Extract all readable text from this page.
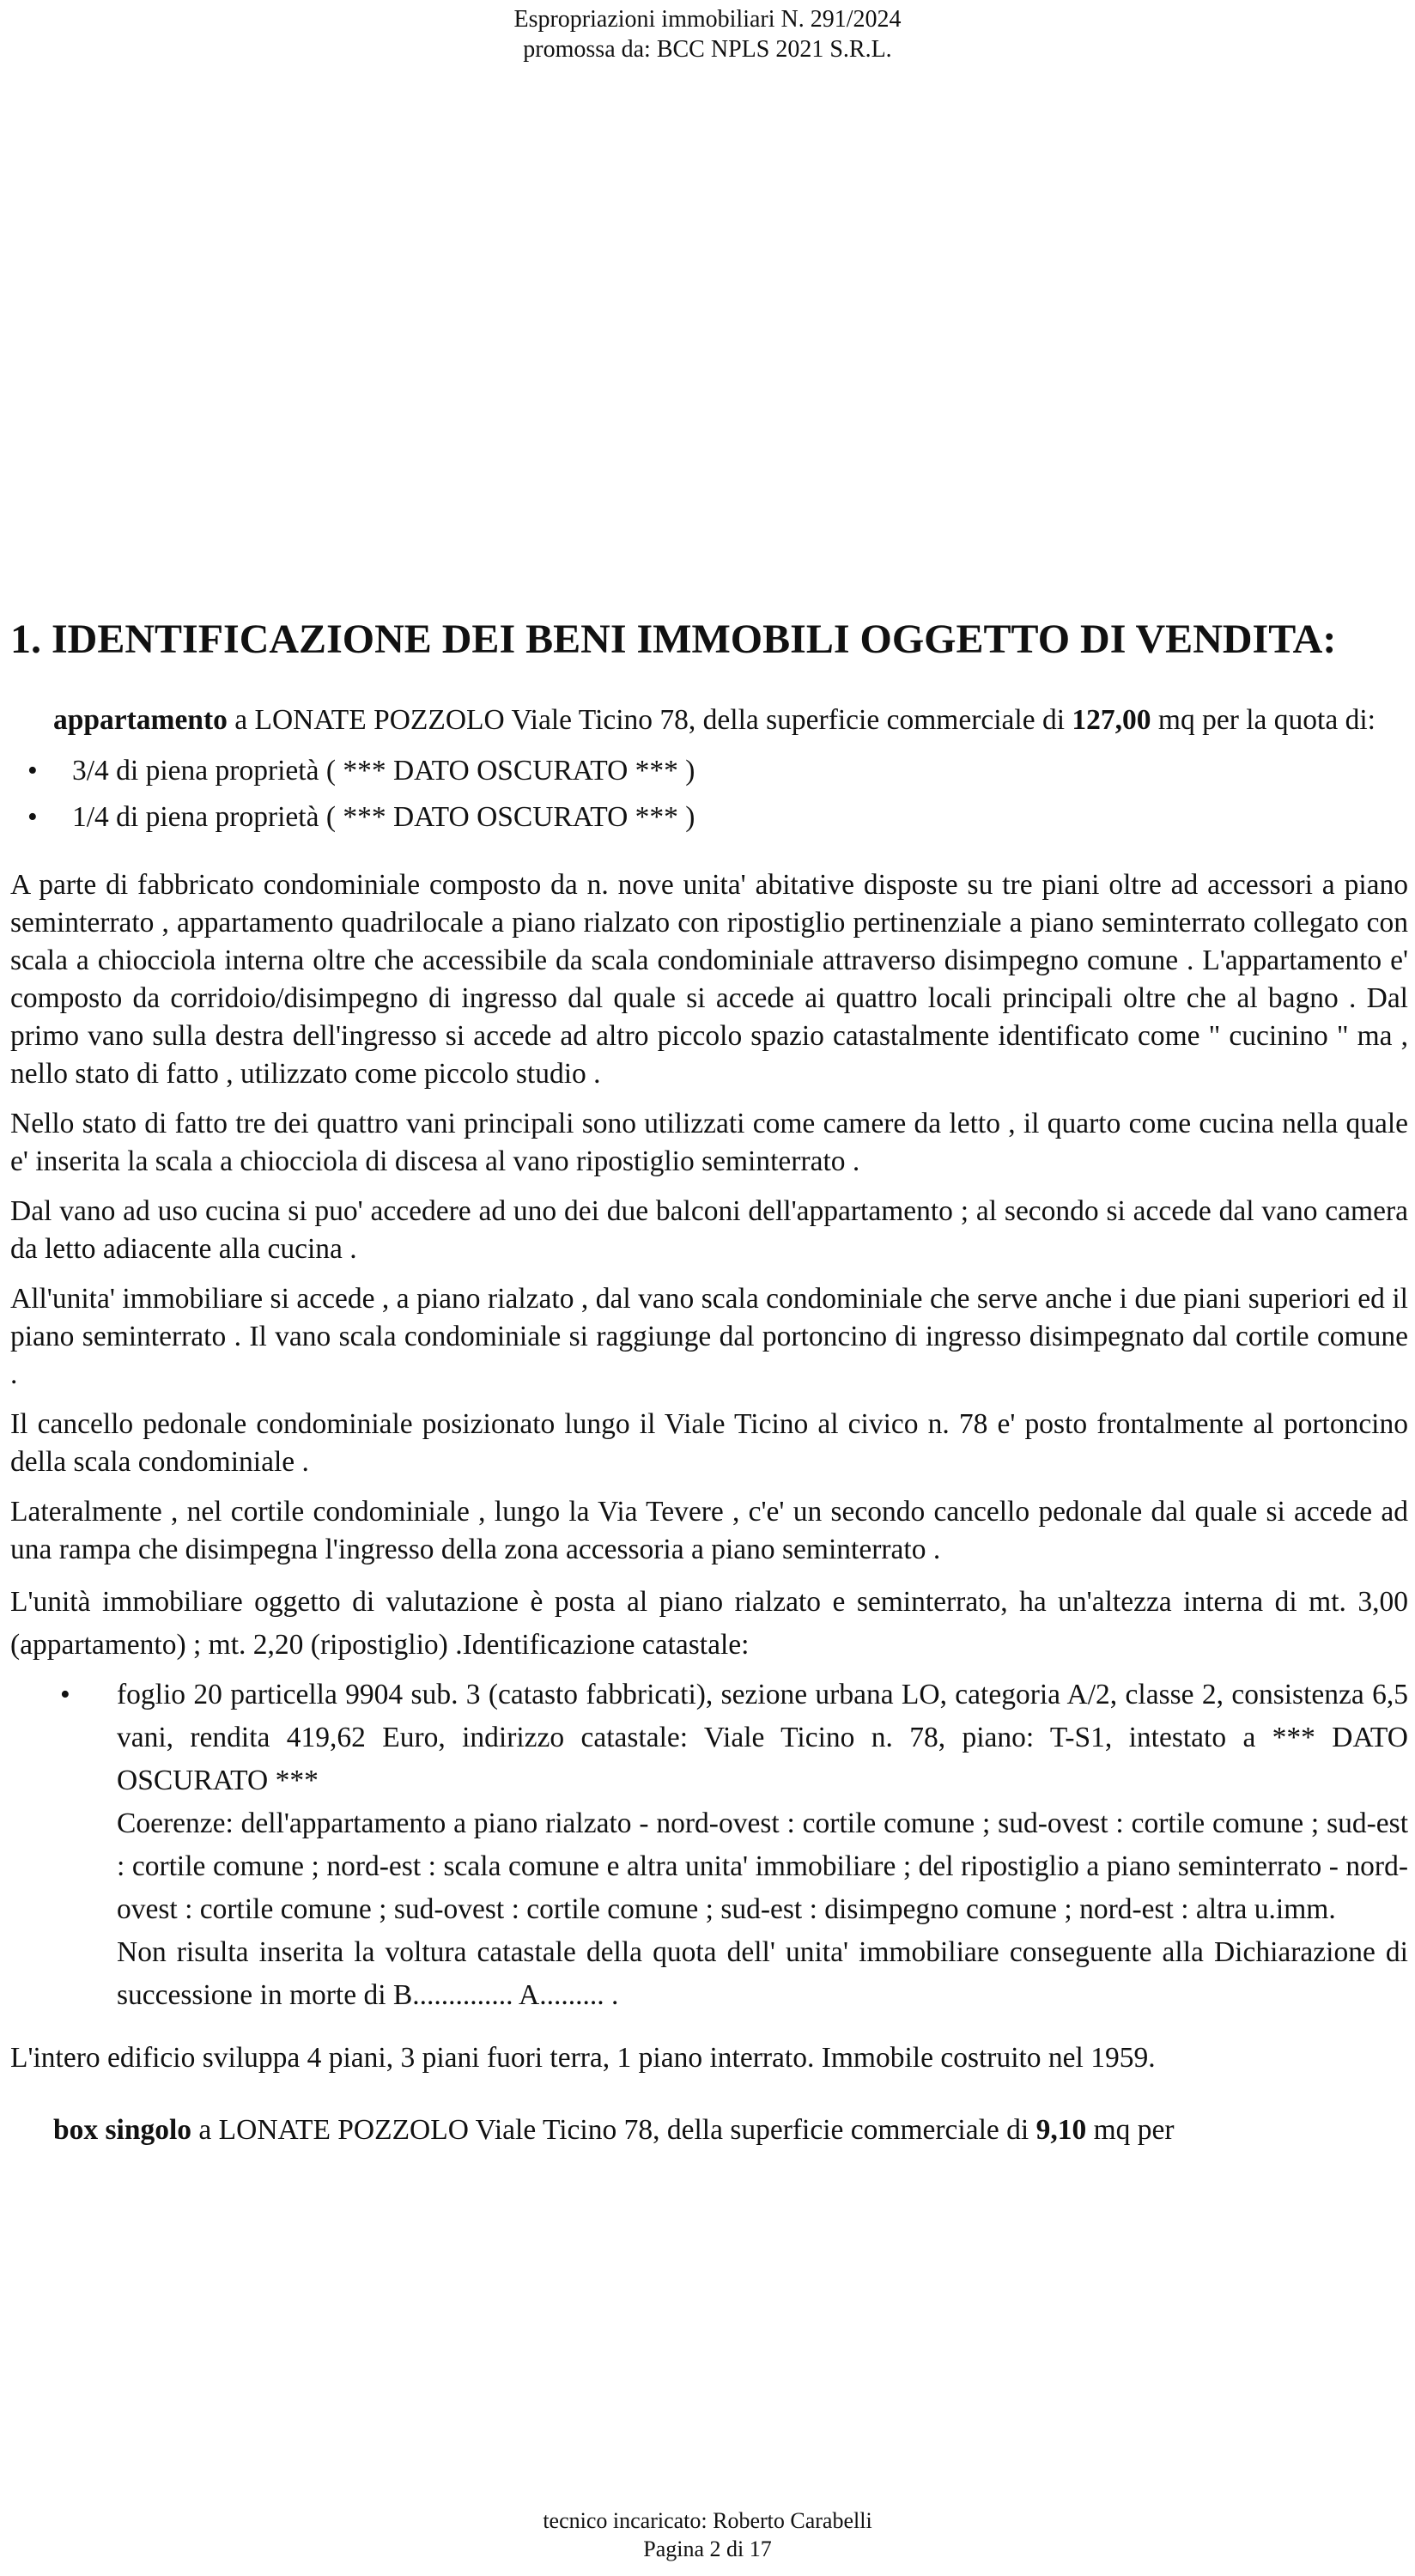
Espropriazioni immobiliari N. 291/2024
promossa da: BCC NPLS 2021 S.R.L.
1. IDENTIFICAZIONE DEI BENI IMMOBILI OGGETTO DI VENDITA:

appartamento a LONATE POZZOLO Viale Ticino 78, della superficie commerciale di 127,00 mq per la quota di:

• 3/4 di piena proprietà ( *** DATO OSCURATO *** )
• 1/4 di piena proprietà ( *** DATO OSCURATO *** )

A parte di fabbricato condominiale composto da n. nove unita' abitative disposte su tre piani oltre ad accessori a piano seminterrato , appartamento quadrilocale a piano rialzato con ripostiglio pertinenziale a piano seminterrato collegato con scala a chiocciola interna oltre che accessibile da scala condominiale attraverso disimpegno comune . L'appartamento e' composto da corridoio/disimpegno di ingresso dal quale si accede ai quattro locali principali oltre che al bagno . Dal primo vano sulla destra dell'ingresso si accede ad altro piccolo spazio catastalmente identificato come " cucinino " ma , nello stato di fatto , utilizzato come piccolo studio .

Nello stato di fatto tre dei quattro vani principali sono utilizzati come camere da letto , il quarto come cucina nella quale e' inserita la scala a chiocciola di discesa al vano ripostiglio seminterrato .

Dal vano ad uso cucina si puo' accedere ad uno dei due balconi dell'appartamento ; al secondo si accede dal vano camera da letto adiacente alla cucina .

All'unita' immobiliare si accede , a piano rialzato , dal vano scala condominiale che serve anche i due piani superiori ed il piano seminterrato . Il vano scala condominiale si raggiunge dal portoncino di ingresso disimpegnato dal cortile comune .

Il cancello pedonale condominiale posizionato lungo il Viale Ticino al civico n. 78 e' posto frontalmente al portoncino della scala condominiale .

Lateralmente , nel cortile condominiale , lungo la Via Tevere , c'e' un secondo cancello pedonale dal quale si accede ad una rampa che disimpegna l'ingresso della zona accessoria a piano seminterrato .

L'unità immobiliare oggetto di valutazione è posta al piano rialzato e seminterrato, ha un'altezza interna di mt. 3,00 (appartamento) ; mt. 2,20 (ripostiglio) .Identificazione catastale:

• foglio 20 particella 9904 sub. 3 (catasto fabbricati), sezione urbana LO, categoria A/2, classe 2, consistenza 6,5 vani, rendita 419,62 Euro, indirizzo catastale: Viale Ticino n. 78, piano: T-S1, intestato a *** DATO OSCURATO ***

Coerenze: dell'appartamento a piano rialzato - nord-ovest : cortile comune ; sud-ovest : cortile comune ; sud-est : cortile comune ; nord-est : scala comune e altra unita' immobiliare ; del ripostiglio a piano seminterrato - nord-ovest : cortile comune ; sud-ovest : cortile comune ; sud-est : disimpegno comune ; nord-est : altra u.imm.

Non risulta inserita la voltura catastale della quota dell' unita' immobiliare conseguente alla Dichiarazione di successione in morte di B.............. A......... .

L'intero edificio sviluppa 4 piani, 3 piani fuori terra, 1 piano interrato. Immobile costruito nel 1959.

box singolo a LONATE POZZOLO Viale Ticino 78, della superficie commerciale di 9,10 mq per

tecnico incaricato: Roberto Carabelli
Pagina 2 di 17
